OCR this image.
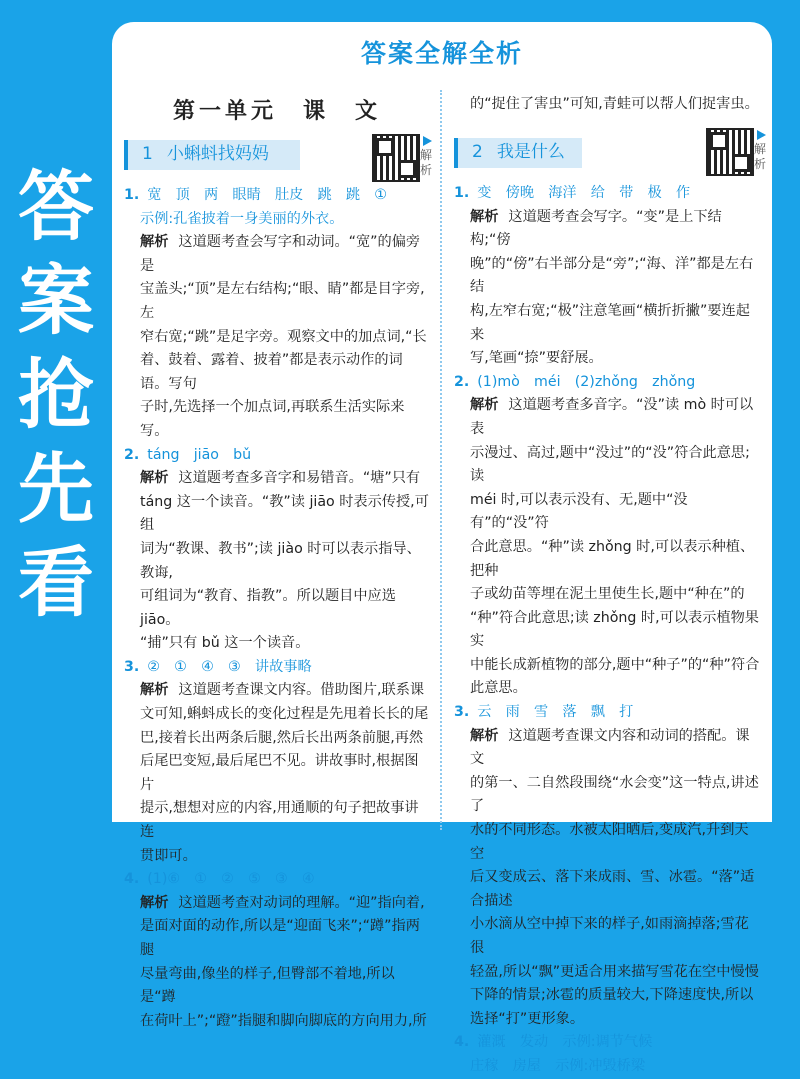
答
案
抢
先
看
答案全解全析
第一单元　课　文
1 小蝌蚪找妈妈	解析

1. 宽　顶　两　眼睛　肚皮　跳　跳　①

示例:孔雀披着一身美丽的外衣。

解析 这道题考查会写字和动词。“宽”的偏旁是

宝盖头;“顶”是左右结构;“眼、睛”都是目字旁,左

窄右宽;“跳”是足字旁。观察文中的加点词,“长

着、鼓着、露着、披着”都是表示动作的词语。写句

子时,先选择一个加点词,再联系生活实际来写。

2. táng　jiāo　bǔ

解析 这道题考查多音字和易错音。“塘”只有

táng 这一个读音。“教”读 jiāo 时表示传授,可组

词为“教课、教书”;读 jiào 时可以表示指导、教诲,

可组词为“教育、指教”。所以题目中应选 jiāo。

“捕”只有 bǔ 这一个读音。

3. ②　①　④　③　讲故事略

解析 这道题考查课文内容。借助图片,联系课

文可知,蝌蚪成长的变化过程是先甩着长长的尾

巴,接着长出两条后腿,然后长出两条前腿,再然

后尾巴变短,最后尾巴不见。讲故事时,根据图片

提示,想想对应的内容,用通顺的句子把故事讲连

贯即可。

4. (1)⑥　①　②　⑤　③　④

解析 这道题考查对动词的理解。“迎”指向着,

是面对面的动作,所以是“迎面飞来”;“蹲”指两腿

尽量弯曲,像坐的样子,但臀部不着地,所以是“蹲

在荷叶上”;“蹬”指腿和脚向脚底的方向用力,所

的“捉住了害虫”可知,青蛙可以帮人们捉害虫。

2 我是什么	解析

1. 变　傍晚　海洋　给　带　极　作

解析 这道题考查会写字。“变”是上下结构;“傍

晚”的“傍”右半部分是“旁”;“海、洋”都是左右结

构,左窄右宽;“极”注意笔画“横折折撇”要连起来

写,笔画“捺”要舒展。

2. (1)mò　méi　(2)zhǒng　zhǒng

解析 这道题考查多音字。“没”读 mò 时可以表

示漫过、高过,题中“没过”的“没”符合此意思;读

méi 时,可以表示没有、无,题中“没有”的“没”符

合此意思。“种”读 zhǒng 时,可以表示种植、把种

子或幼苗等埋在泥土里使生长,题中“种在”的

“种”符合此意思;读 zhǒng 时,可以表示植物果实

中能长成新植物的部分,题中“种子”的“种”符合

此意思。

3. 云　雨　雪　落　飘　打

解析 这道题考查课文内容和动词的搭配。课文

的第一、二自然段围绕“水会变”这一特点,讲述了

水的不同形态。水被太阳晒后,变成汽,升到天空

后又变成云、落下来成雨、雪、冰雹。“落”适合描述

小水滴从空中掉下来的样子,如雨滴掉落;雪花很

轻盈,所以“飘”更适合用来描写雪花在空中慢慢

下降的情景;冰雹的质量较大,下降速度快,所以

选择“打”更形象。

4. 灌溉　发动　示例:调节气候

庄稼　房屋　示例:冲毁桥梁
